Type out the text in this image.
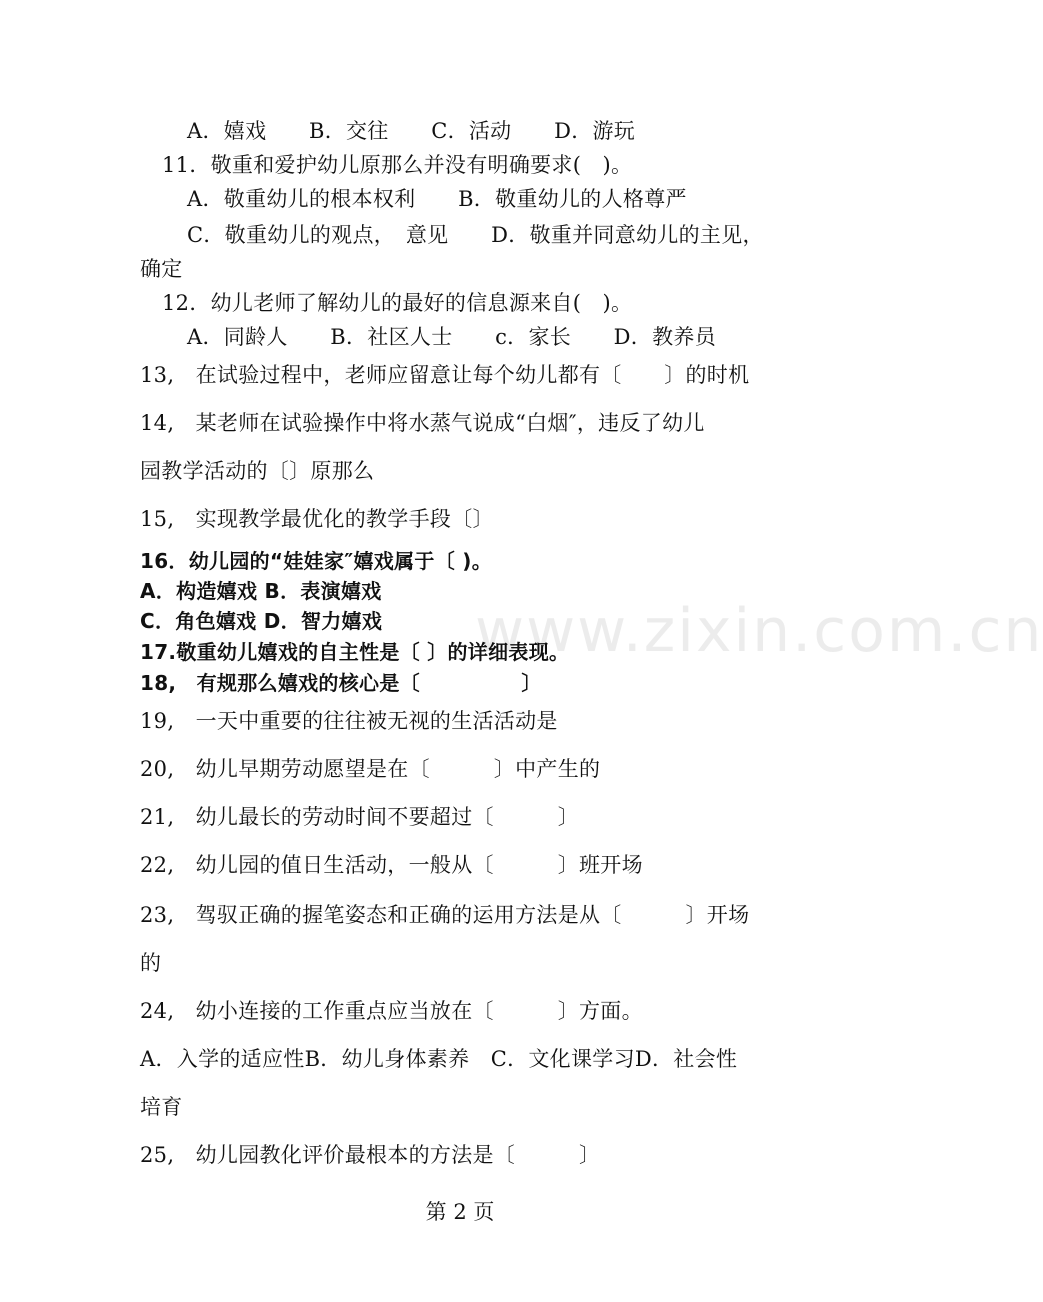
www.zixin.com.cn

A．嬉戏　　B．交往　　C．活动　　D．游玩

11．敬重和爱护幼儿原那么并没有明确要求(　)。

A．敬重幼儿的根本权利　　B．敬重幼儿的人格尊严

C．敬重幼儿的观点，　意见　　D．敬重并同意幼儿的主见，

确定

12．幼儿老师了解幼儿的最好的信息源来自(　)。

A．同龄人　　B．社区人士　　c．家长　　D．教养员

13,　在试验过程中，老师应留意让每个幼儿都有〔　　〕的时机

14,　某老师在试验操作中将水蒸气说成“白烟″，违反了幼儿

园教学活动的〔〕原那么

15,　实现教学最优化的教学手段〔〕

16．幼儿园的“娃娃家″嬉戏属于〔 )。

A．构造嬉戏 B．表演嬉戏

C．角色嬉戏 D．智力嬉戏

17.敬重幼儿嬉戏的自主性是〔 〕的详细表现。

18,　有规那么嬉戏的核心是〔　　　　　〕

19,　一天中重要的往往被无视的生活活动是

20,　幼儿早期劳动愿望是在〔　　　〕中产生的

21,　幼儿最长的劳动时间不要超过〔　　　〕

22,　幼儿园的值日生活动，一般从〔　　　〕班开场

23,　驾驭正确的握笔姿态和正确的运用方法是从〔　　　〕开场

的

24,　幼小连接的工作重点应当放在〔　　　〕方面。

A．入学的适应性B．幼儿身体素养　C．文化课学习D．社会性

培育

25,　幼儿园教化评价最根本的方法是〔　　　〕

第 2 页
